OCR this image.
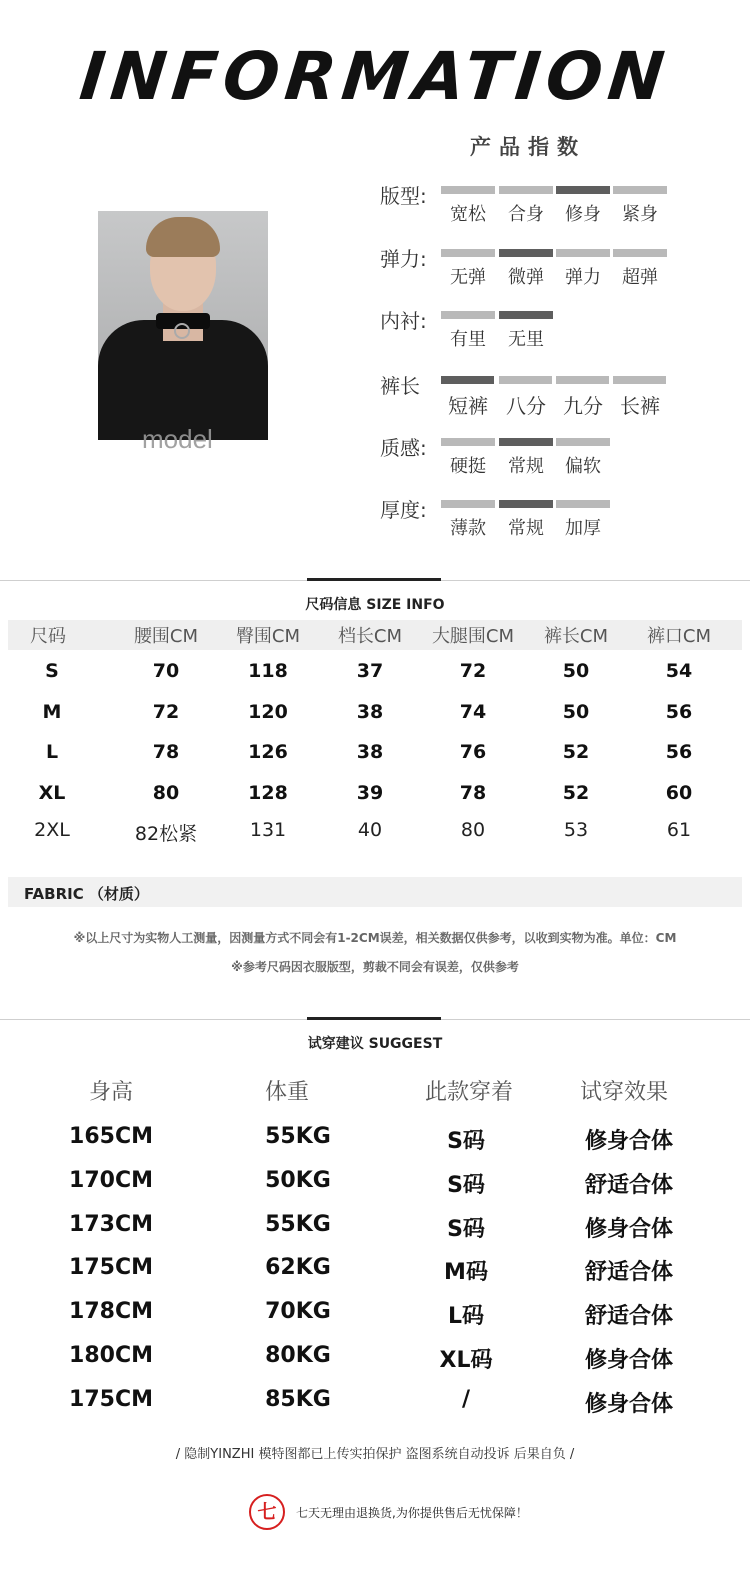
INFORMATION
产品指数
model
版型:
宽松	合身	修身	紧身
弹力:
无弹	微弹	弹力	超弹
内衬:
有里	无里
裤长
短裤 八分 九分 长裤
质感:
硬挺	常规	偏软
厚度:
薄款	常规	加厚
尺码信息 SIZE INFO
尺码	腰围CM	臀围CM	档长CM	大腿围CM	裤长CM	裤口CM
S	70	118	37	72	50	54
M	72	120	38	74	50	56
L	78	126	38	76	52	56
XL	80	128	39	78	52	60
2XL	82松紧	131	40	80	53	61
FABRIC （材质）
※以上尺寸为实物人工测量，因测量方式不同会有1-2CM误差，相关数据仅供参考，以收到实物为准。单位：CM
※参考尺码因衣服版型，剪裁不同会有误差，仅供参考
试穿建议 SUGGEST
身高	体重	此款穿着	试穿效果
165CM	55KG	S码	修身合体
170CM	50KG	S码	舒适合体
173CM	55KG	S码	修身合体
175CM	62KG	M码	舒适合体
178CM	70KG	L码	舒适合体
180CM	80KG	XL码	修身合体
175CM	85KG	/	修身合体
/ 隐制YINZHI 模特图都已上传实拍保护 盗图系统自动投诉 后果自负 /
七	七天无理由退换货,为你提供售后无忧保障！
